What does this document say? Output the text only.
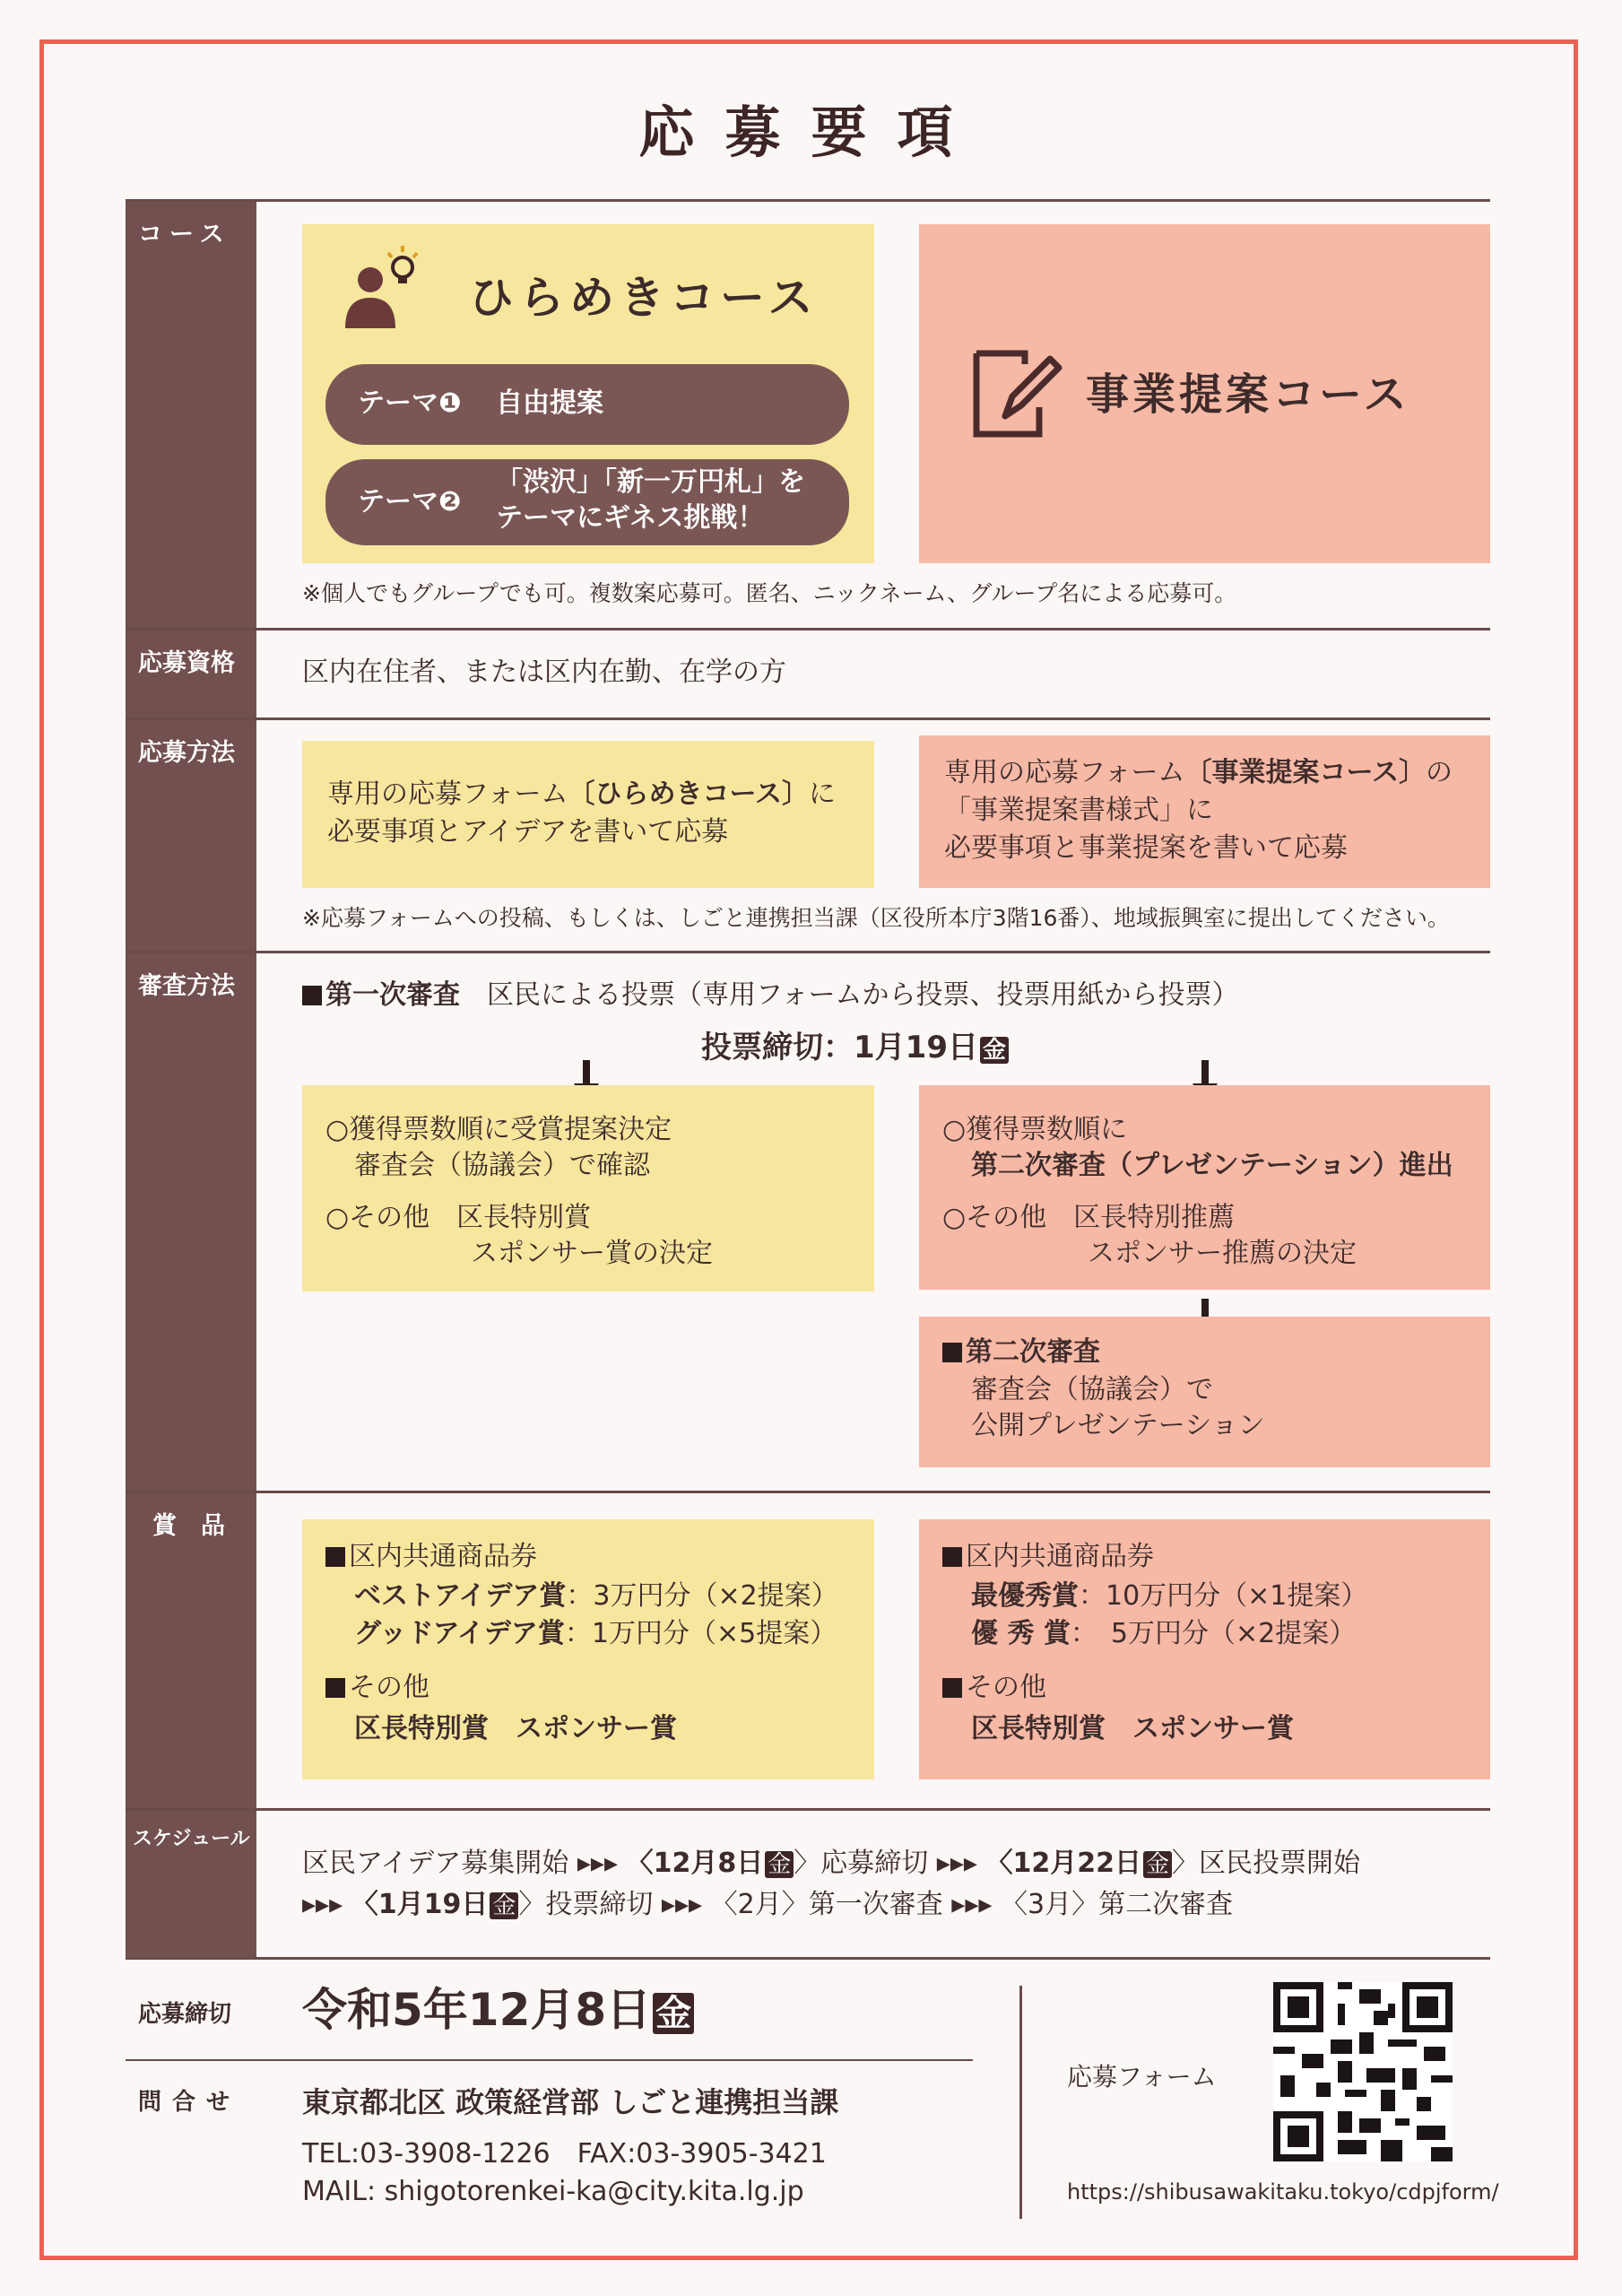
応募要項
コース
応募資格
応募方法
審査方法
賞　品
スケジュール
ひらめきコース
テーマ❶ 自由提案
テーマ❷
「渋沢」「新一万円札」を
テーマにギネス挑戦！
事業提案コース
※個人でもグループでも可。複数案応募可。匿名、ニックネーム、グループ名による応募可。
区内在住者、または区内在勤、在学の方
専用の応募フォーム〔ひらめきコース〕に
必要事項とアイデアを書いて応募
専用の応募フォーム〔事業提案コース〕の
「事業提案書様式」に
必要事項と事業提案を書いて応募
※応募フォームへの投稿、もしくは、しごと連携担当課（区役所本庁3階16番）、地域振興室に提出してください。
第一次審査　 区民による投票（専用フォームから投票、投票用紙から投票）
投票締切：1月19日 金
○獲得票数順に受賞提案決定
審査会（協議会）で確認
○その他　区長特別賞
スポンサー賞の決定
○獲得票数順に
第二次審査（プレゼンテーション）進出
○その他　区長特別推薦
スポンサー推薦の決定
第二次審査
審査会（協議会）で
公開プレゼンテーション
区内共通商品券
ベストアイデア賞：3万円分（×2提案）
グッドアイデア賞：1万円分（×5提案）
その他
区長特別賞　スポンサー賞
区内共通商品券
最優秀賞：10万円分（×1提案）
優 秀 賞：　5万円分（×2提案）
その他
区長特別賞　スポンサー賞
区民アイデア募集開始 ▸▸▸ 〈12月8日 金 〉応募締切 ▸▸▸ 〈12月22日 金 〉区民投票開始
▸▸▸ 〈1月19日 金 〉投票締切 ▸▸▸ 〈2月〉第一次審査 ▸▸▸ 〈3月〉第二次審査
応募締切 令和5年12月8日 金
問合せ 東京都北区 政策経営部 しごと連携担当課
TEL:03-3908-1226　FAX:03-3905-3421
MAIL: shigotorenkei-ka@city.kita.lg.jp
応募フォーム
https://shibusawakitaku.tokyo/cdpjform/
